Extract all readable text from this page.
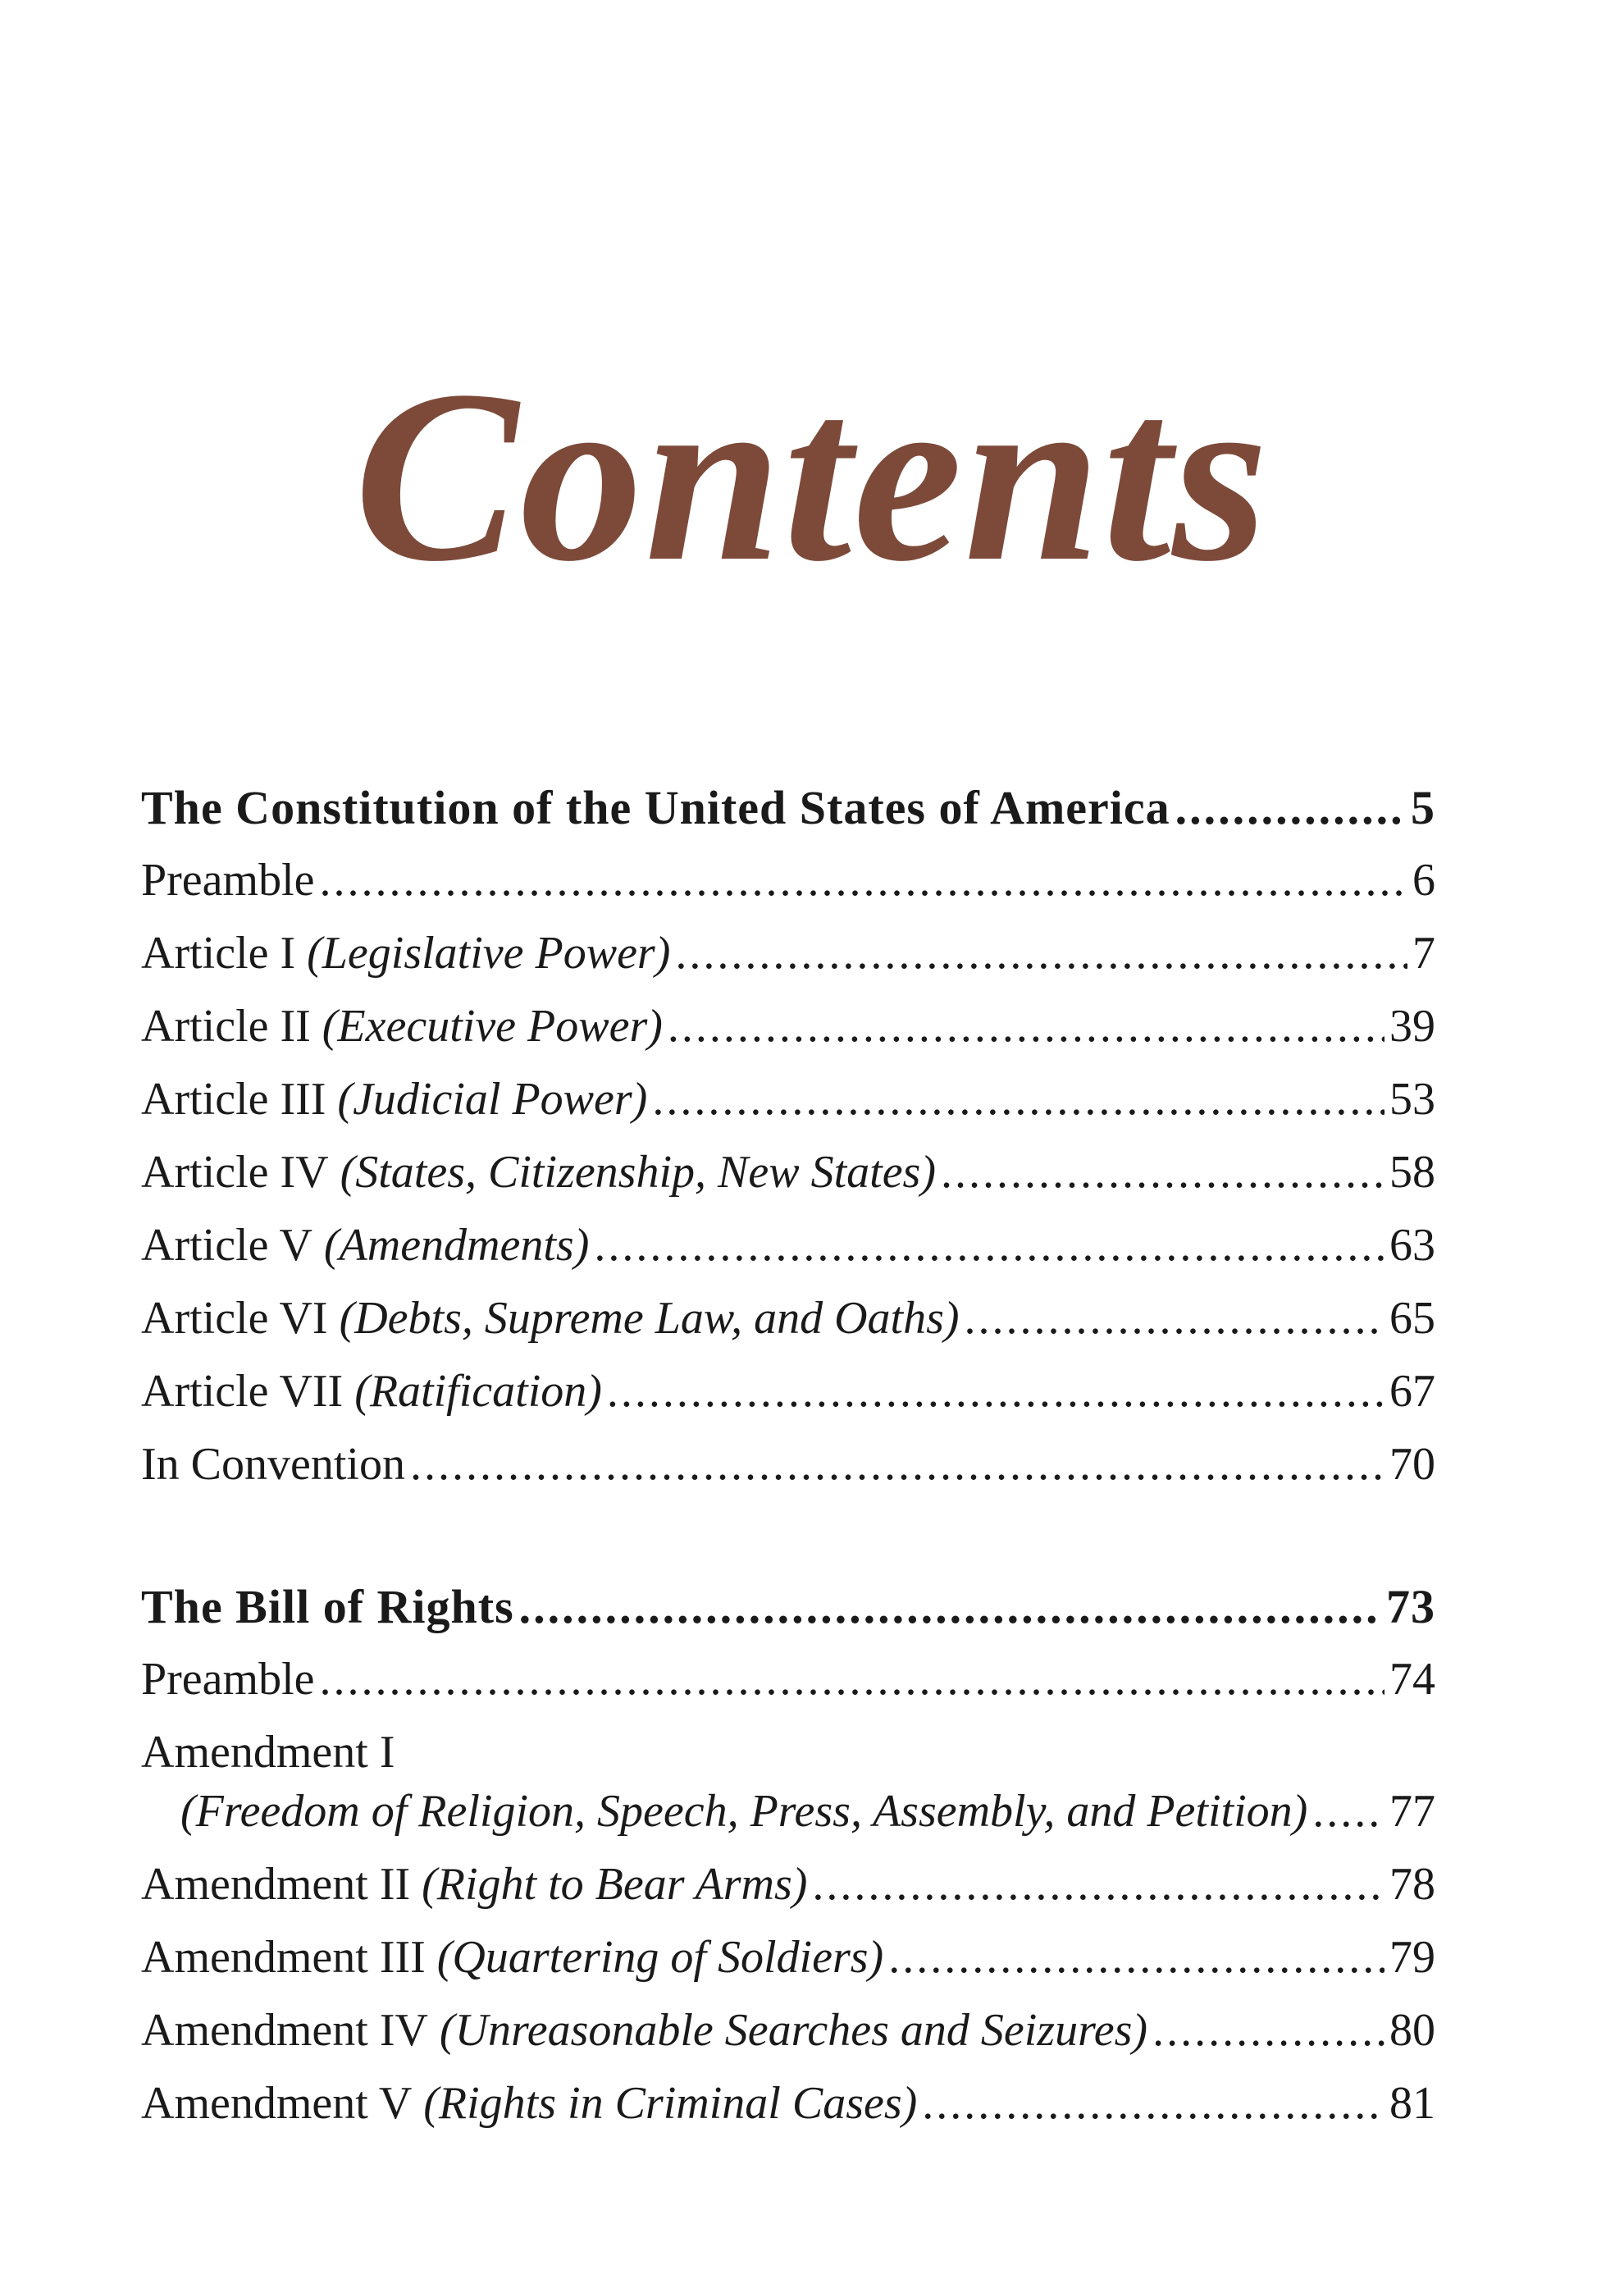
Contents
The Constitution of the United States of America .....	5
Preamble .....	6
Article I (Legislative Power) .....	7
Article II (Executive Power) .....	39
Article III (Judicial Power) .....	53
Article IV (States, Citizenship, New States) .....	58
Article V (Amendments) .....	63
Article VI (Debts, Supreme Law, and Oaths) .....	65
Article VII (Ratification) .....	67
In Convention .....	70
The Bill of Rights .....	73
Preamble .....	74
Amendment I
(Freedom of Religion, Speech, Press, Assembly, and Petition) ..... 77
Amendment II (Right to Bear Arms) .....	78
Amendment III (Quartering of Soldiers) .....	79
Amendment IV (Unreasonable Searches and Seizures) .....	80
Amendment V (Rights in Criminal Cases) .....	81
